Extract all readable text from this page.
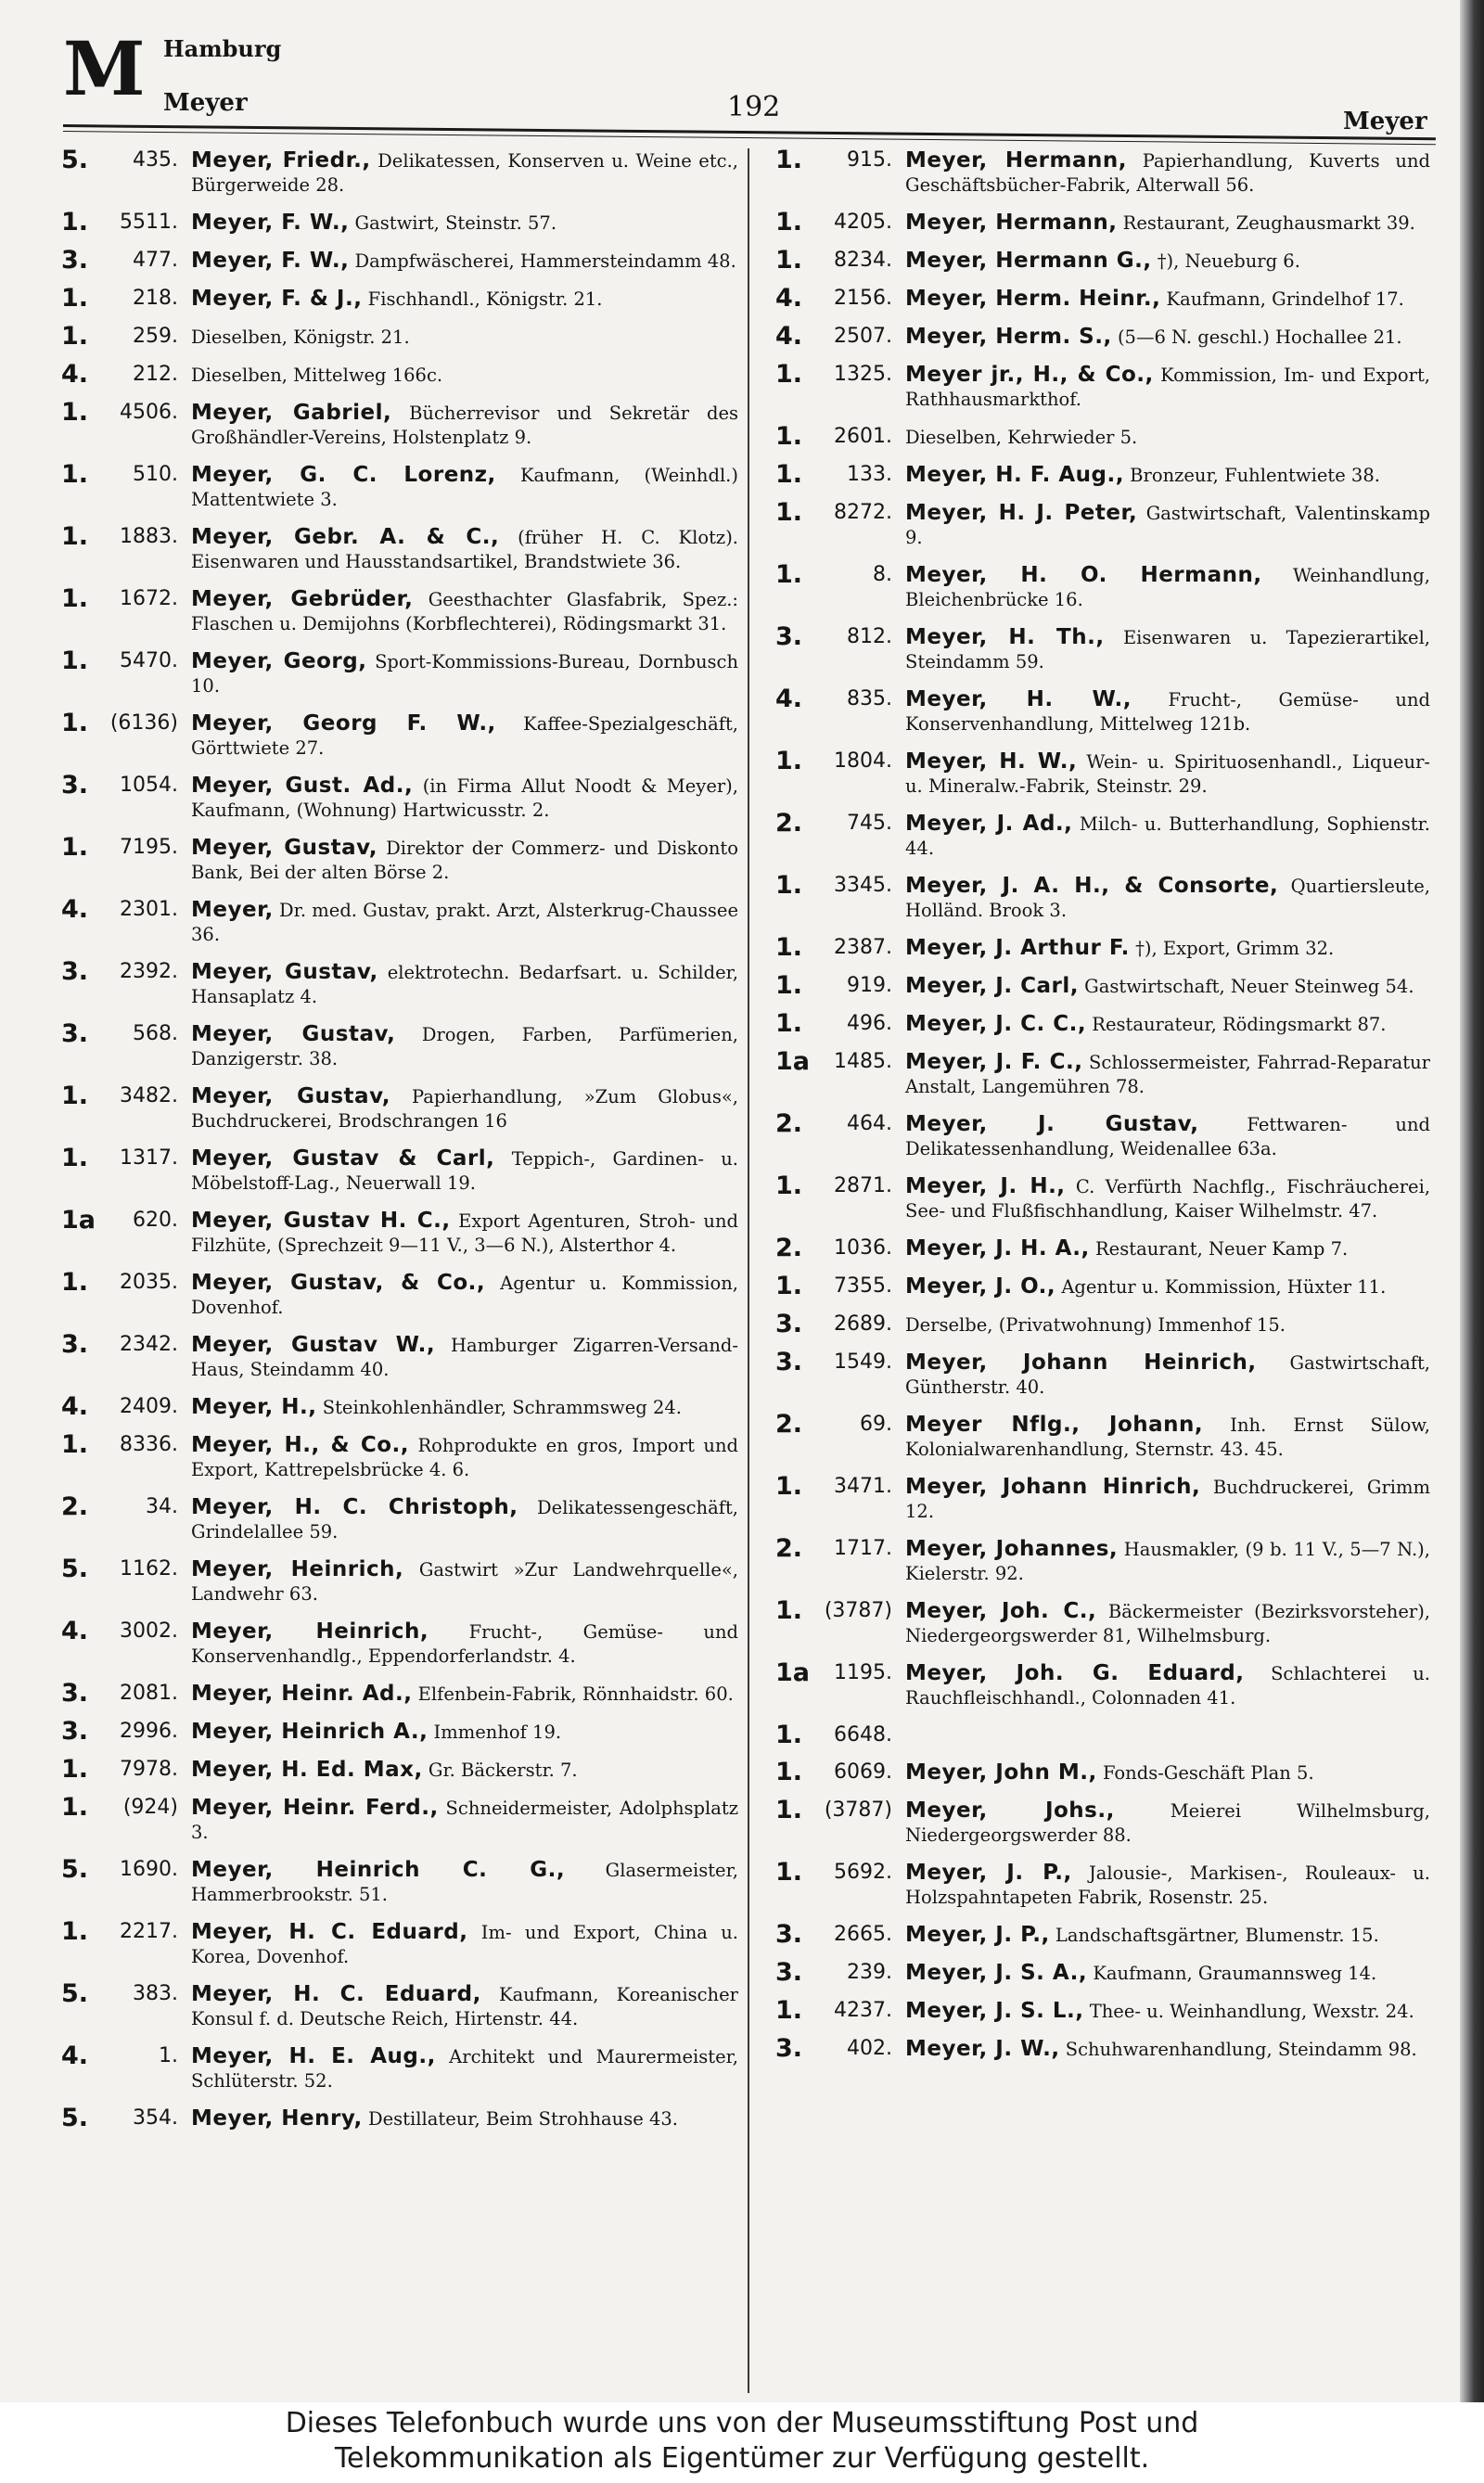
M Hamburg
Meyer	192	Meyer
5.	435. Meyer, Friedr., Delikatessen, Konserven u. Weine etc., Bürgerweide 28.
1.	5511. Meyer, F. W., Gastwirt, Steinstr. 57.
3.	477. Meyer, F. W., Dampfwäscherei, Hammersteindamm 48.
1.	218. Meyer, F. & J., Fischhandl., Königstr. 21.
1.	259. Dieselben, Königstr. 21.
4.	212. Dieselben, Mittelweg 166c.
1.	4506. Meyer, Gabriel, Bücherrevisor und Sekretär des Großhändler-Vereins, Holstenplatz 9.
1.	510. Meyer, G. C. Lorenz, Kaufmann, (Weinhdl.) Mattentwiete 3.
1.	1883. Meyer, Gebr. A. & C., (früher H. C. Klotz). Eisenwaren und Hausstandsartikel, Brandstwiete 36.
1.	1672. Meyer, Gebrüder, Geesthachter Glasfabrik, Spez.: Flaschen u. Demijohns (Korbflechterei), Rödingsmarkt 31.
1.	5470. Meyer, Georg, Sport-Kommissions-Bureau, Dornbusch 10.
1.	(6136) Meyer, Georg F. W., Kaffee-Spezialgeschäft, Görttwiete 27.
3.	1054. Meyer, Gust. Ad., (in Firma Allut Noodt & Meyer), Kaufmann, (Wohnung) Hartwicusstr. 2.
1.	7195. Meyer, Gustav, Direktor der Commerz- und Diskonto Bank, Bei der alten Börse 2.
4.	2301. Meyer, Dr. med. Gustav, prakt. Arzt, Alsterkrug-Chaussee 36.
3.	2392. Meyer, Gustav, elektrotechn. Bedarfsart. u. Schilder, Hansaplatz 4.
3.	568. Meyer, Gustav, Drogen, Farben, Parfümerien, Danzigerstr. 38.
1.	3482. Meyer, Gustav, Papierhandlung, »Zum Globus«, Buchdruckerei, Brodschrangen 16
1.	1317. Meyer, Gustav & Carl, Teppich-, Gardinen- u. Möbelstoff-Lag., Neuerwall 19.
1a	620. Meyer, Gustav H. C., Export Agenturen, Stroh- und Filzhüte, (Sprechzeit 9—11 V., 3—6 N.), Alsterthor 4.
1.	2035. Meyer, Gustav, & Co., Agentur u. Kommission, Dovenhof.
3.	2342. Meyer, Gustav W., Hamburger Zigarren-Versand-Haus, Steindamm 40.
4.	2409. Meyer, H., Steinkohlenhändler, Schrammsweg 24.
1.	8336. Meyer, H., & Co., Rohprodukte en gros, Import und Export, Kattrepelsbrücke 4. 6.
2.	34. Meyer, H. C. Christoph, Delikatessengeschäft, Grindelallee 59.
5.	1162. Meyer, Heinrich, Gastwirt »Zur Landwehrquelle«, Landwehr 63.
4.	3002. Meyer, Heinrich, Frucht-, Gemüse- und Konservenhandlg., Eppendorferlandstr. 4.
3.	2081. Meyer, Heinr. Ad., Elfenbein-Fabrik, Rönnhaidstr. 60.
3.	2996. Meyer, Heinrich A., Immenhof 19.
1.	7978. Meyer, H. Ed. Max, Gr. Bäckerstr. 7.
1.	(924) Meyer, Heinr. Ferd., Schneidermeister, Adolphsplatz 3.
5.	1690. Meyer, Heinrich C. G., Glasermeister, Hammerbrookstr. 51.
1.	2217. Meyer, H. C. Eduard, Im- und Export, China u. Korea, Dovenhof.
5.	383. Meyer, H. C. Eduard, Kaufmann, Koreanischer Konsul f. d. Deutsche Reich, Hirtenstr. 44.
4.	1. Meyer, H. E. Aug., Architekt und Maurermeister, Schlüterstr. 52.
5.	354. Meyer, Henry, Destillateur, Beim Strohhause 43.
1.	915. Meyer, Hermann, Papierhandlung, Kuverts und Geschäftsbücher-Fabrik, Alterwall 56.
1.	4205. Meyer, Hermann, Restaurant, Zeughausmarkt 39.
1.	8234. Meyer, Hermann G., †), Neueburg 6.
4.	2156. Meyer, Herm. Heinr., Kaufmann, Grindelhof 17.
4.	2507. Meyer, Herm. S., (5—6 N. geschl.) Hochallee 21.
1.	1325. Meyer jr., H., & Co., Kommission, Im- und Export, Rathhausmarkthof.
1.	2601. Dieselben, Kehrwieder 5.
1.	133. Meyer, H. F. Aug., Bronzeur, Fuhlentwiete 38.
1.	8272. Meyer, H. J. Peter, Gastwirtschaft, Valentinskamp 9.
1.	8. Meyer, H. O. Hermann, Weinhandlung, Bleichenbrücke 16.
3.	812. Meyer, H. Th., Eisenwaren u. Tapezierartikel, Steindamm 59.
4.	835. Meyer, H. W., Frucht-, Gemüse- und Konservenhandlung, Mittelweg 121b.
1.	1804. Meyer, H. W., Wein- u. Spirituosenhandl., Liqueur- u. Mineralw.-Fabrik, Steinstr. 29.
2.	745. Meyer, J. Ad., Milch- u. Butterhandlung, Sophienstr. 44.
1.	3345. Meyer, J. A. H., & Consorte, Quartiersleute, Holländ. Brook 3.
1.	2387. Meyer, J. Arthur F. †), Export, Grimm 32.
1.	919. Meyer, J. Carl, Gastwirtschaft, Neuer Steinweg 54.
1.	496. Meyer, J. C. C., Restaurateur, Rödingsmarkt 87.
1a	1485. Meyer, J. F. C., Schlossermeister, Fahrrad-Reparatur Anstalt, Langemühren 78.
2.	464. Meyer, J. Gustav,	Fettwaren- und Delikatessenhandlung, Weidenallee 63a.
1.	2871. Meyer, J. H., C. Verfürth Nachflg., Fischräucherei, See- und Flußfischhandlung, Kaiser Wilhelmstr. 47.
2.	1036. Meyer, J. H. A., Restaurant, Neuer Kamp 7.
1.	7355. Meyer, J. O., Agentur u. Kommission, Hüxter 11.
3.	2689. Derselbe, (Privatwohnung) Immenhof 15.
3.	1549. Meyer, Johann Heinrich, Gastwirtschaft, Güntherstr. 40.
2.	69. Meyer Nflg., Johann, Inh. Ernst Sülow, Kolonialwarenhandlung, Sternstr. 43. 45.
1.	3471. Meyer, Johann Hinrich, Buchdruckerei, Grimm 12.
2.	1717. Meyer, Johannes, Hausmakler, (9 b. 11 V., 5—7 N.), Kielerstr. 92.
1.	(3787) Meyer, Joh. C., Bäckermeister (Bezirksvorsteher), Niedergeorgswerder 81, Wilhelmsburg.
1a	1195. Meyer, Joh. G. Eduard, Schlachterei u. Rauchfleischhandl., Colonnaden 41.
1.	6648.
1.	6069. Meyer, John M., Fonds-Geschäft Plan 5.
1.	(3787) Meyer, Johs.,	Meierei Wilhelmsburg, Niedergeorgswerder 88.
1.	5692. Meyer, J. P., Jalousie-, Markisen-, Rouleaux- u. Holzspahntapeten Fabrik, Rosenstr. 25.
3.	2665. Meyer, J. P., Landschaftsgärtner, Blumenstr. 15.
3.	239. Meyer, J. S. A., Kaufmann, Graumannsweg 14.
1.	4237. Meyer, J. S. L., Thee- u. Weinhandlung, Wexstr. 24.
3.	402. Meyer, J. W., Schuhwarenhandlung, Steindamm 98.
Dieses Telefonbuch wurde uns von der Museumsstiftung Post und
Telekommunikation als Eigentümer zur Verfügung gestellt.
